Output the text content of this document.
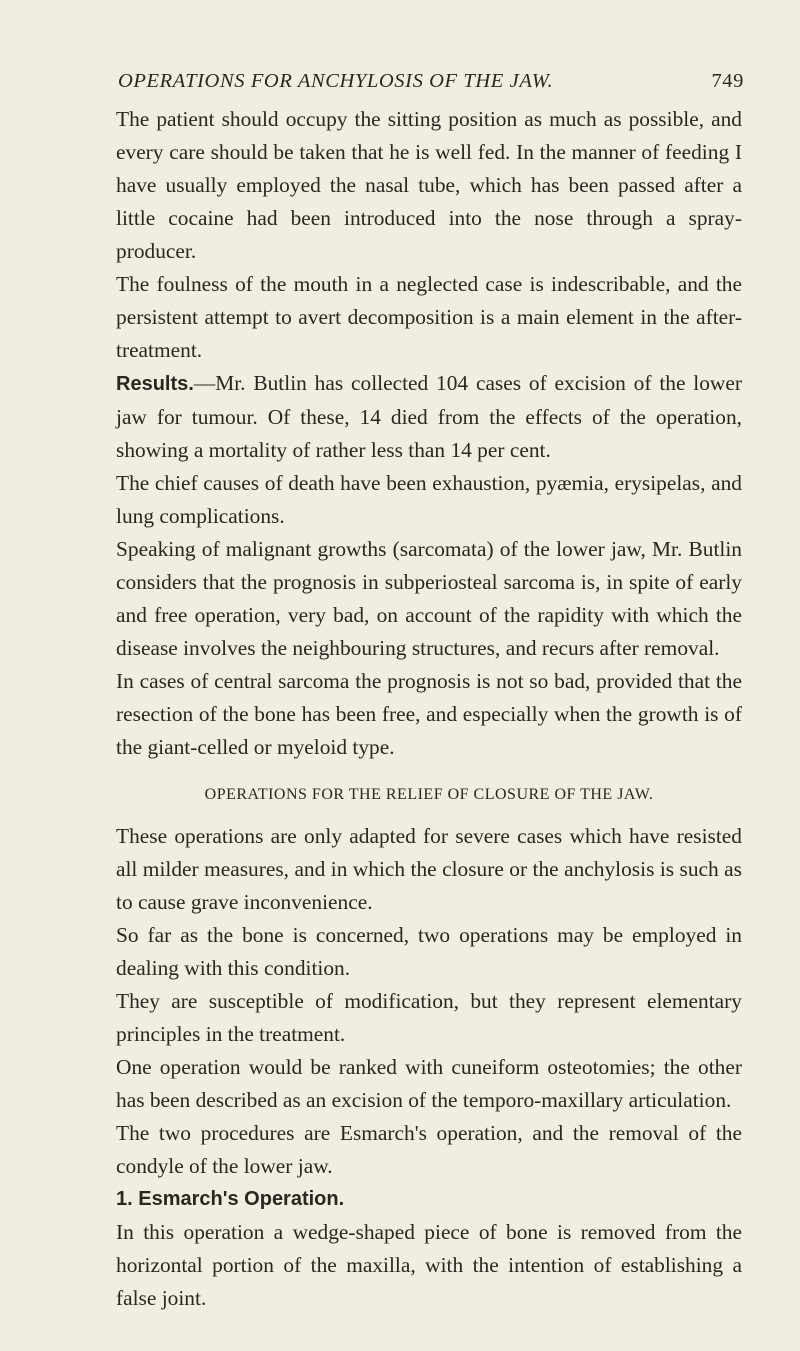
OPERATIONS FOR ANCHYLOSIS OF THE JAW.	749

The patient should occupy the sitting position as much as possible, and every care should be taken that he is well fed. In the manner of feeding I have usually employed the nasal tube, which has been passed after a little cocaine had been introduced into the nose through a spray-producer.

The foulness of the mouth in a neglected case is indescribable, and the persistent attempt to avert decomposition is a main element in the after-treatment.

Results.—Mr. Butlin has collected 104 cases of excision of the lower jaw for tumour. Of these, 14 died from the effects of the operation, showing a mortality of rather less than 14 per cent.

The chief causes of death have been exhaustion, pyæmia, erysipelas, and lung complications.

Speaking of malignant growths (sarcomata) of the lower jaw, Mr. Butlin considers that the prognosis in subperiosteal sarcoma is, in spite of early and free operation, very bad, on account of the rapidity with which the disease involves the neighbouring structures, and recurs after removal.

In cases of central sarcoma the prognosis is not so bad, provided that the resection of the bone has been free, and especially when the growth is of the giant-celled or myeloid type.

OPERATIONS FOR THE RELIEF OF CLOSURE OF THE JAW.

These operations are only adapted for severe cases which have resisted all milder measures, and in which the closure or the anchylosis is such as to cause grave inconvenience.

So far as the bone is concerned, two operations may be employed in dealing with this condition.

They are susceptible of modification, but they represent elementary principles in the treatment.

One operation would be ranked with cuneiform osteotomies; the other has been described as an excision of the temporo-maxillary articulation.

The two procedures are Esmarch's operation, and the removal of the condyle of the lower jaw.

1. Esmarch's Operation.

In this operation a wedge-shaped piece of bone is removed from the horizontal portion of the maxilla, with the intention of establishing a false joint.
